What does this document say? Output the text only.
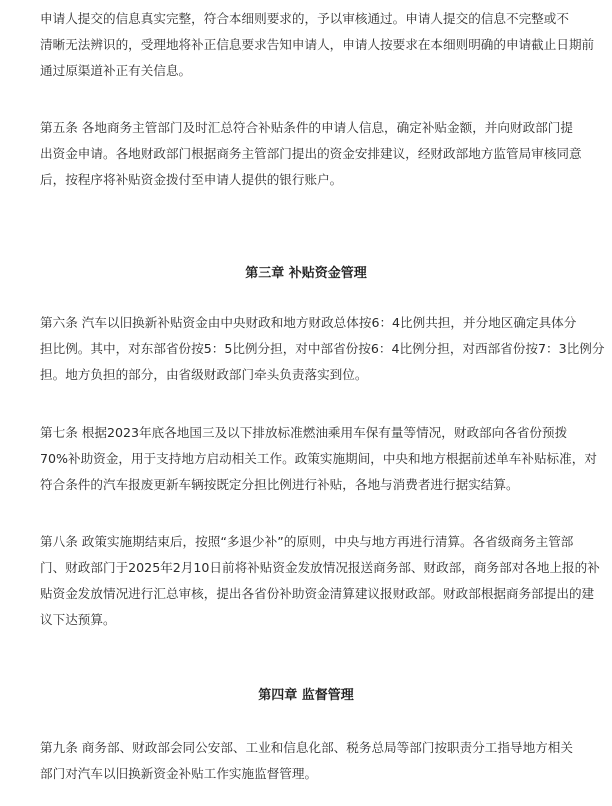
申请人提交的信息真实完整，符合本细则要求的，予以审核通过。申请人提交的信息不完整或不
清晰无法辨识的，受理地将补正信息要求告知申请人，申请人按要求在本细则明确的申请截止日期前
通过原渠道补正有关信息。

第五条 各地商务主管部门及时汇总符合补贴条件的申请人信息，确定补贴金额，并向财政部门提
出资金申请。各地财政部门根据商务主管部门提出的资金安排建议，经财政部地方监管局审核同意
后，按程序将补贴资金拨付至申请人提供的银行账户。

第三章 补贴资金管理

第六条 汽车以旧换新补贴资金由中央财政和地方财政总体按6：4比例共担，并分地区确定具体分
担比例。其中，对东部省份按5：5比例分担，对中部省份按6：4比例分担，对西部省份按7：3比例分
担。地方负担的部分，由省级财政部门牵头负责落实到位。

第七条 根据2023年底各地国三及以下排放标准燃油乘用车保有量等情况，财政部向各省份预拨
70%补助资金，用于支持地方启动相关工作。政策实施期间，中央和地方根据前述单车补贴标准，对
符合条件的汽车报废更新车辆按既定分担比例进行补贴，各地与消费者进行据实结算。

第八条 政策实施期结束后，按照“多退少补”的原则，中央与地方再进行清算。各省级商务主管部
门、财政部门于2025年2月10日前将补贴资金发放情况报送商务部、财政部，商务部对各地上报的补
贴资金发放情况进行汇总审核，提出各省份补助资金清算建议报财政部。财政部根据商务部提出的建
议下达预算。

第四章 监督管理

第九条 商务部、财政部会同公安部、工业和信息化部、税务总局等部门按职责分工指导地方相关
部门对汽车以旧换新资金补贴工作实施监督管理。
